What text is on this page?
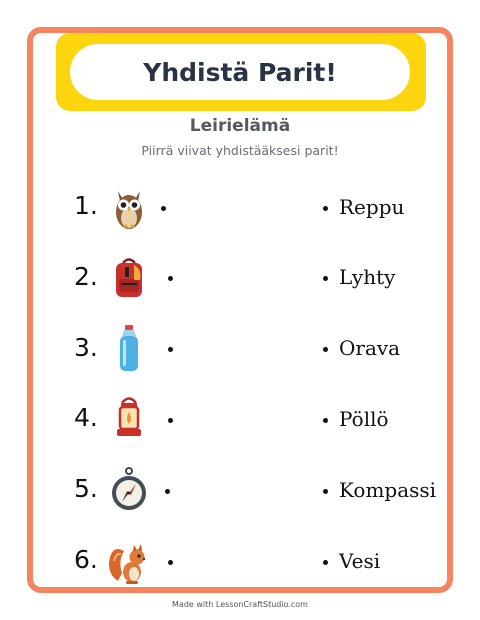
Yhdistä Parit!
Leirielämä
Piirrä viivat yhdistääksesi parit!
1.	Reppu
2.	Lyhty
3.	Orava
4.	Pöllö
5.	Kompassi
6.	Vesi
Made with LessonCraftStudio.com
